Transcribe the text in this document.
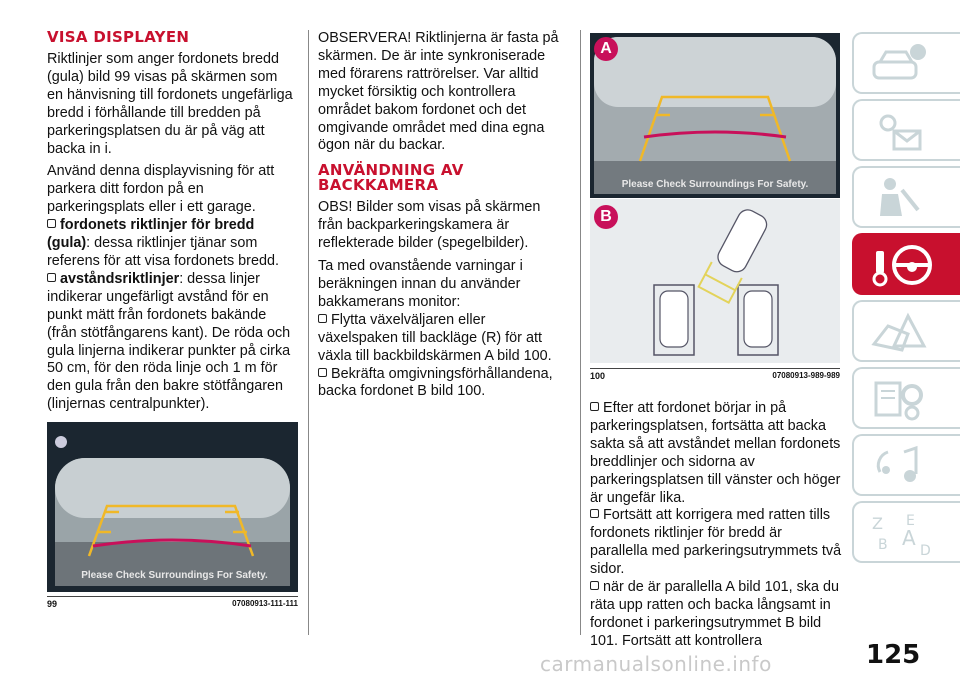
VISA DISPLAYEN

Riktlinjer som anger fordonets bredd (gula) bild 99 visas på skärmen som en hänvisning till fordonets ungefärliga bredd i förhållande till bredden på parkeringsplatsen du är på väg att backa in i.

Använd denna displayvisning för att parkera ditt fordon på en parkeringsplats eller i ett garage.

fordonets riktlinjer för bredd (gula): dessa riktlinjer tjänar som referens för att visa fordonets bredd.

avståndsriktlinjer: dessa linjer indikerar ungefärligt avstånd för en punkt mätt från fordonets bakände (från stötfångarens kant). De röda och gula linjerna indikerar punkter på cirka 50 cm, för den röda linje och 1 m för den gula från den bakre stötfångaren (linjernas centralpunkter).

Please Check Surroundings For Safety.
99	07080913-111-111

OBSERVERA! Riktlinjerna är fasta på skärmen. De är inte synkroniserade med förarens rattrörelser. Var alltid mycket försiktig och kontrollera området bakom fordonet och det omgivande området med dina egna ögon när du backar.

ANVÄNDNING AV BACKKAMERA

OBS! Bilder som visas på skärmen från backparkeringskamera är reflekterade bilder (spegelbilder).

Ta med ovanstående varningar i beräkningen innan du använder bakkamerans monitor:

Flytta växelväljaren eller växelspaken till backläge (R) för att växla till backbildskärmen A bild 100.

Bekräfta omgivningsförhållandena, backa fordonet B bild 100.

A
B
Please Check Surroundings For Safety.
100	07080913-989-989

Efter att fordonet börjar in på parkeringsplatsen, fortsätta att backa sakta så att avståndet mellan fordonets breddlinjer och sidorna av parkeringsplatsen till vänster och höger är ungefär lika.

Fortsätt att korrigera med ratten tills fordonets riktlinjer för bredd är parallella med parkeringsutrymmets två sidor.

när de är parallella A bild 101, ska du räta upp ratten och backa långsamt in fordonet i parkeringsutrymmet B bild 101. Fortsätt att kontrollera

Z E
B A
D
125
carmanualsonline.info
